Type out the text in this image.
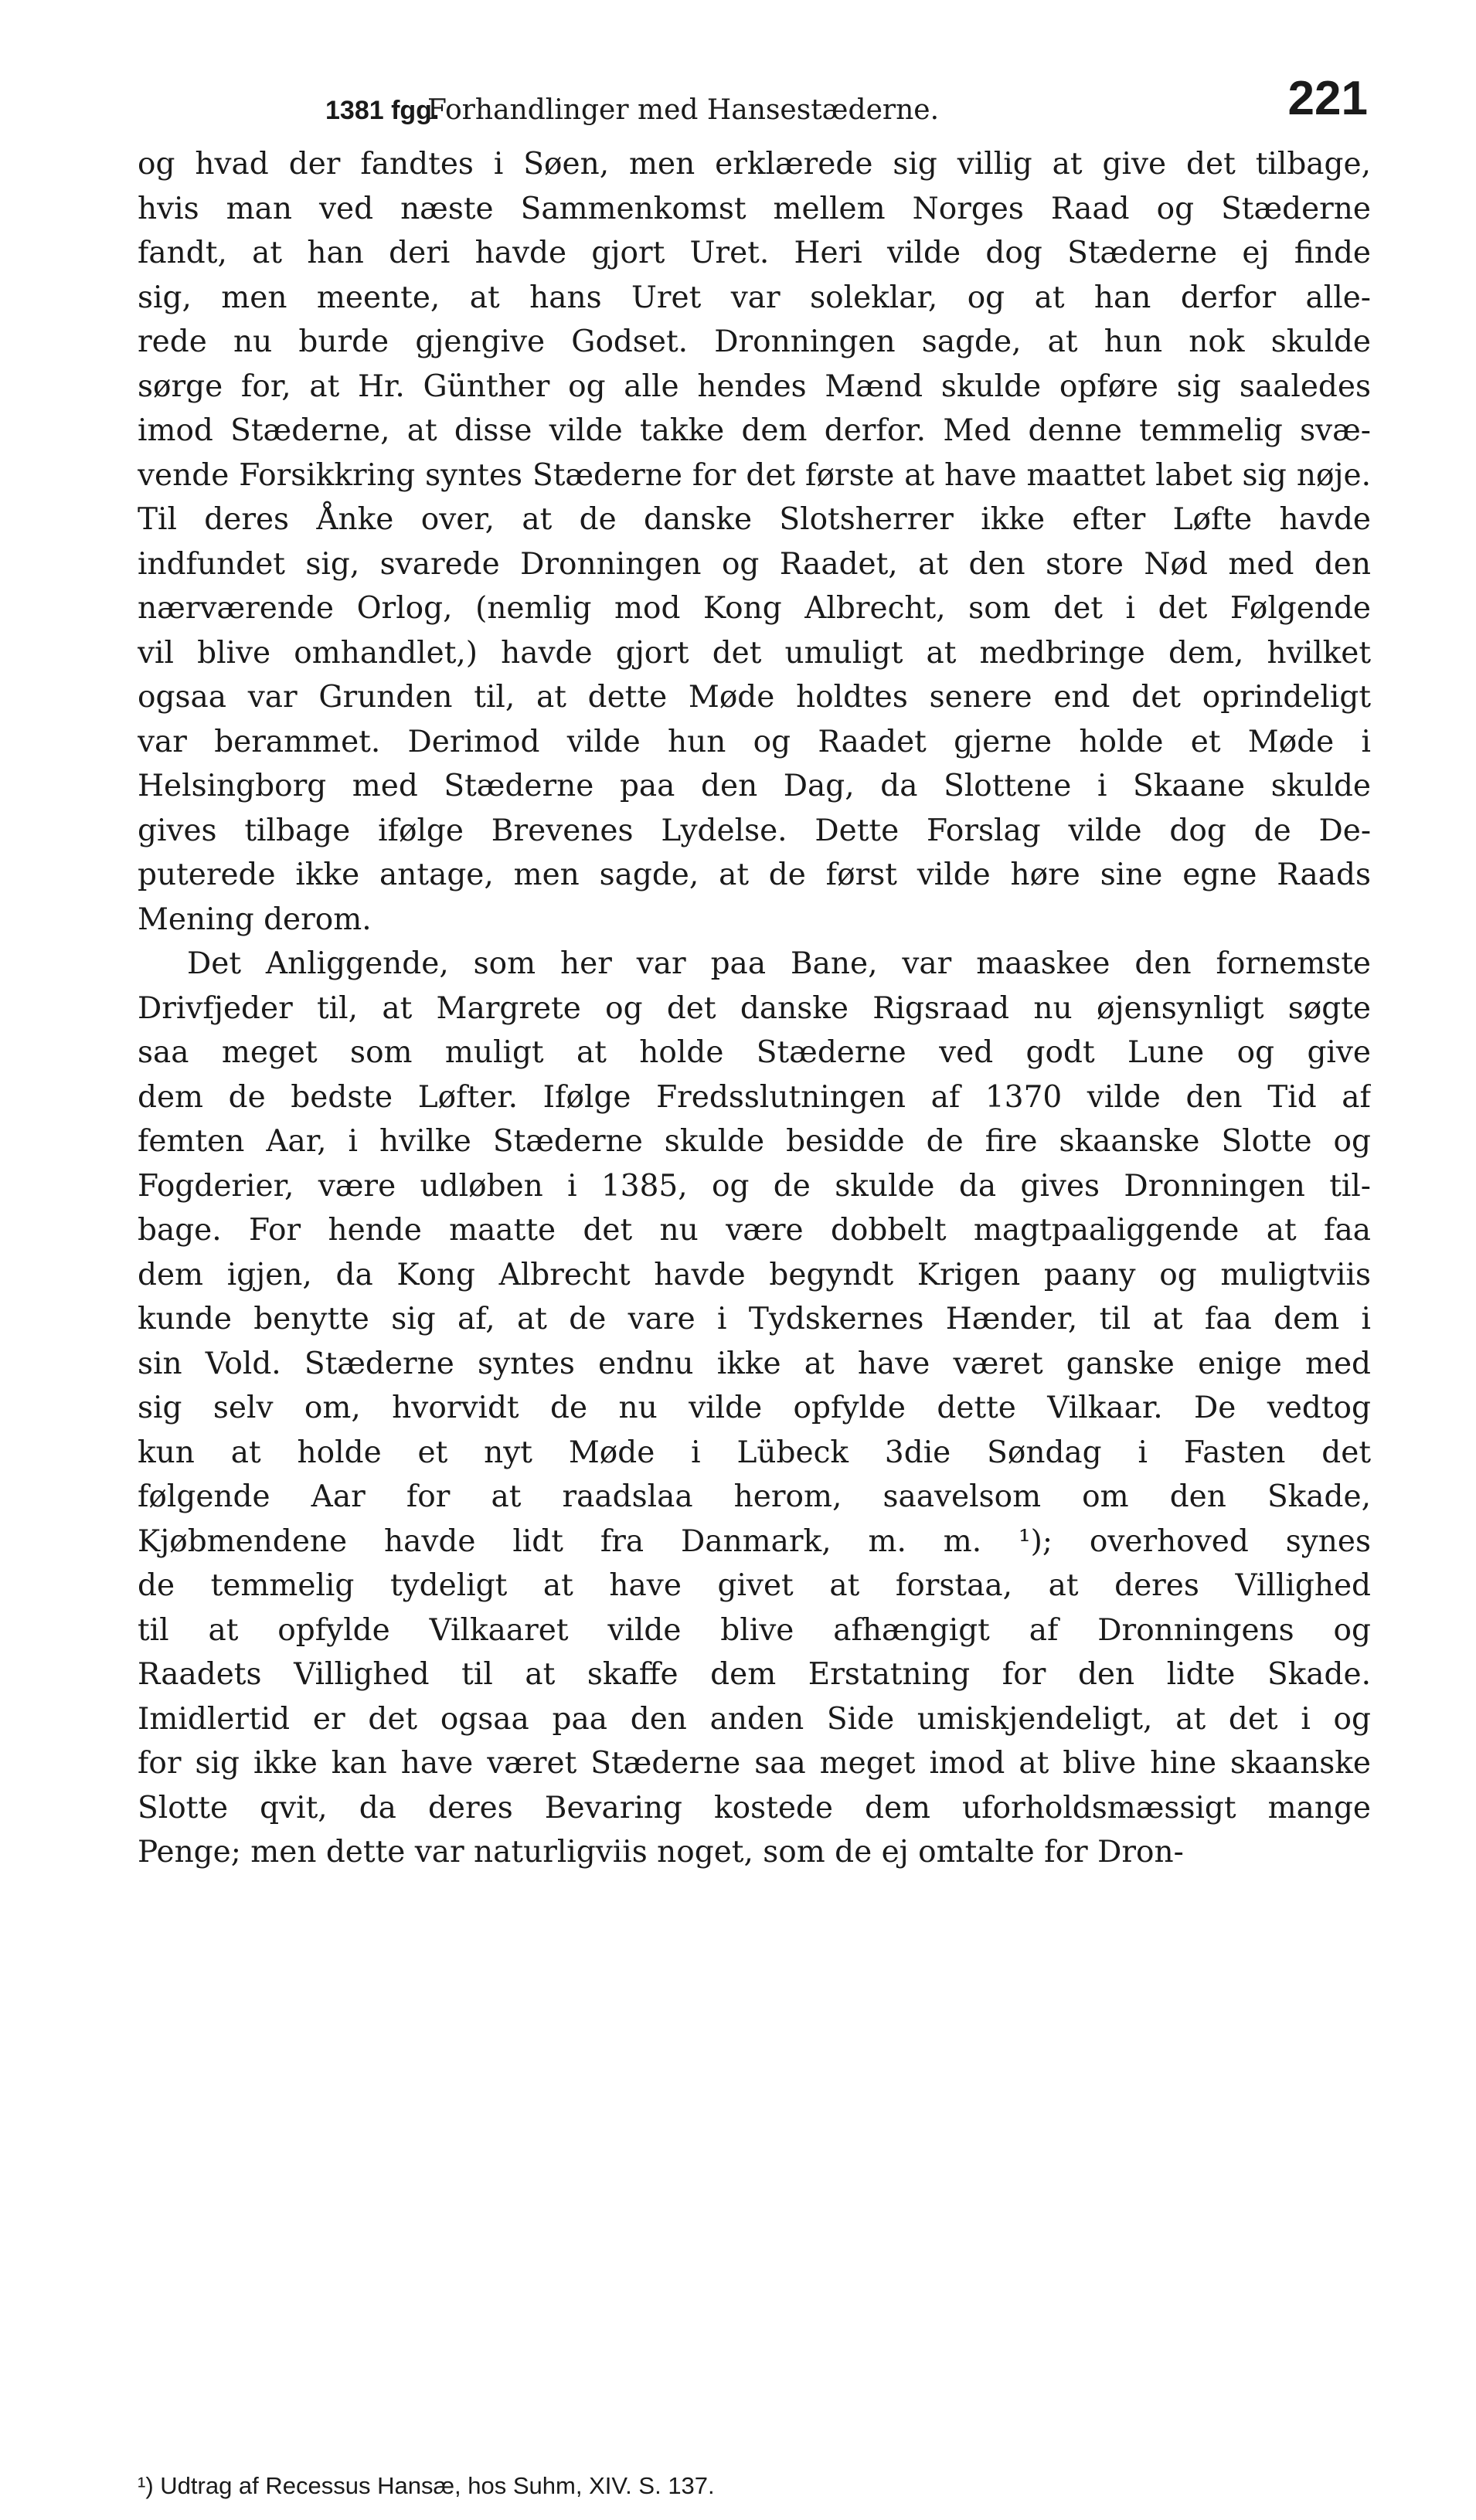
1381 fgg.
Forhandlinger med Hansestæderne.	221
og hvad der fandtes i Søen, men erklærede sig villig at give det tilbage,
hvis man ved næste Sammenkomst mellem Norges Raad og Stæderne
fandt, at han deri havde gjort Uret. Heri vilde dog Stæderne ej finde
sig, men meente, at hans Uret var soleklar, og at han derfor alle-
rede nu burde gjengive Godset. Dronningen sagde, at hun nok skulde
sørge for, at Hr. Günther og alle hendes Mænd skulde opføre sig saaledes
imod Stæderne, at disse vilde takke dem derfor. Med denne temmelig svæ-
vende Forsikkring syntes Stæderne for det første at have maattet labet sig nøje.
Til deres Ånke over, at de danske Slotsherrer ikke efter Løfte havde
indfundet sig, svarede Dronningen og Raadet, at den store Nød med den
nærværende Orlog, (nemlig mod Kong Albrecht, som det i det Følgende
vil blive omhandlet,) havde gjort det umuligt at medbringe dem, hvilket
ogsaa var Grunden til, at dette Møde holdtes senere end det oprindeligt
var berammet. Derimod vilde hun og Raadet gjerne holde et Møde i
Helsingborg med Stæderne paa den Dag, da Slottene i Skaane skulde
gives tilbage ifølge Brevenes Lydelse. Dette Forslag vilde dog de De-
puterede ikke antage, men sagde, at de først vilde høre sine egne Raads
Mening derom.
Det Anliggende, som her var paa Bane, var maaskee den fornemste
Drivfjeder til, at Margrete og det danske Rigsraad nu øjensynligt søgte
saa meget som muligt at holde Stæderne ved godt Lune og give
dem de bedste Løfter. Ifølge Fredsslutningen af 1370 vilde den Tid af
femten Aar, i hvilke Stæderne skulde besidde de fire skaanske Slotte og
Fogderier, være udløben i 1385, og de skulde da gives Dronningen til-
bage. For hende maatte det nu være dobbelt magtpaaliggende at faa
dem igjen, da Kong Albrecht havde begyndt Krigen paany og muligtviis
kunde benytte sig af, at de vare i Tydskernes Hænder, til at faa dem i
sin Vold. Stæderne syntes endnu ikke at have været ganske enige med
sig selv om, hvorvidt de nu vilde opfylde dette Vilkaar. De vedtog
kun at holde et nyt Møde i Lübeck 3die Søndag i Fasten det
følgende Aar for at raadslaa herom, saavelsom om den Skade,
Kjøbmendene havde lidt fra Danmark, m. m. ¹); overhoved synes
de temmelig tydeligt at have givet at forstaa, at deres Villighed
til at opfylde Vilkaaret vilde blive afhængigt af Dronningens og
Raadets Villighed til at skaffe dem Erstatning for den lidte Skade.
Imidlertid er det ogsaa paa den anden Side umiskjendeligt, at det i og
for sig ikke kan have været Stæderne saa meget imod at blive hine skaanske
Slotte qvit, da deres Bevaring kostede dem uforholdsmæssigt mange
Penge; men dette var naturligviis noget, som de ej omtalte for Dron-
¹) Udtrag af Recessus Hansæ, hos Suhm, XIV. S. 137.
